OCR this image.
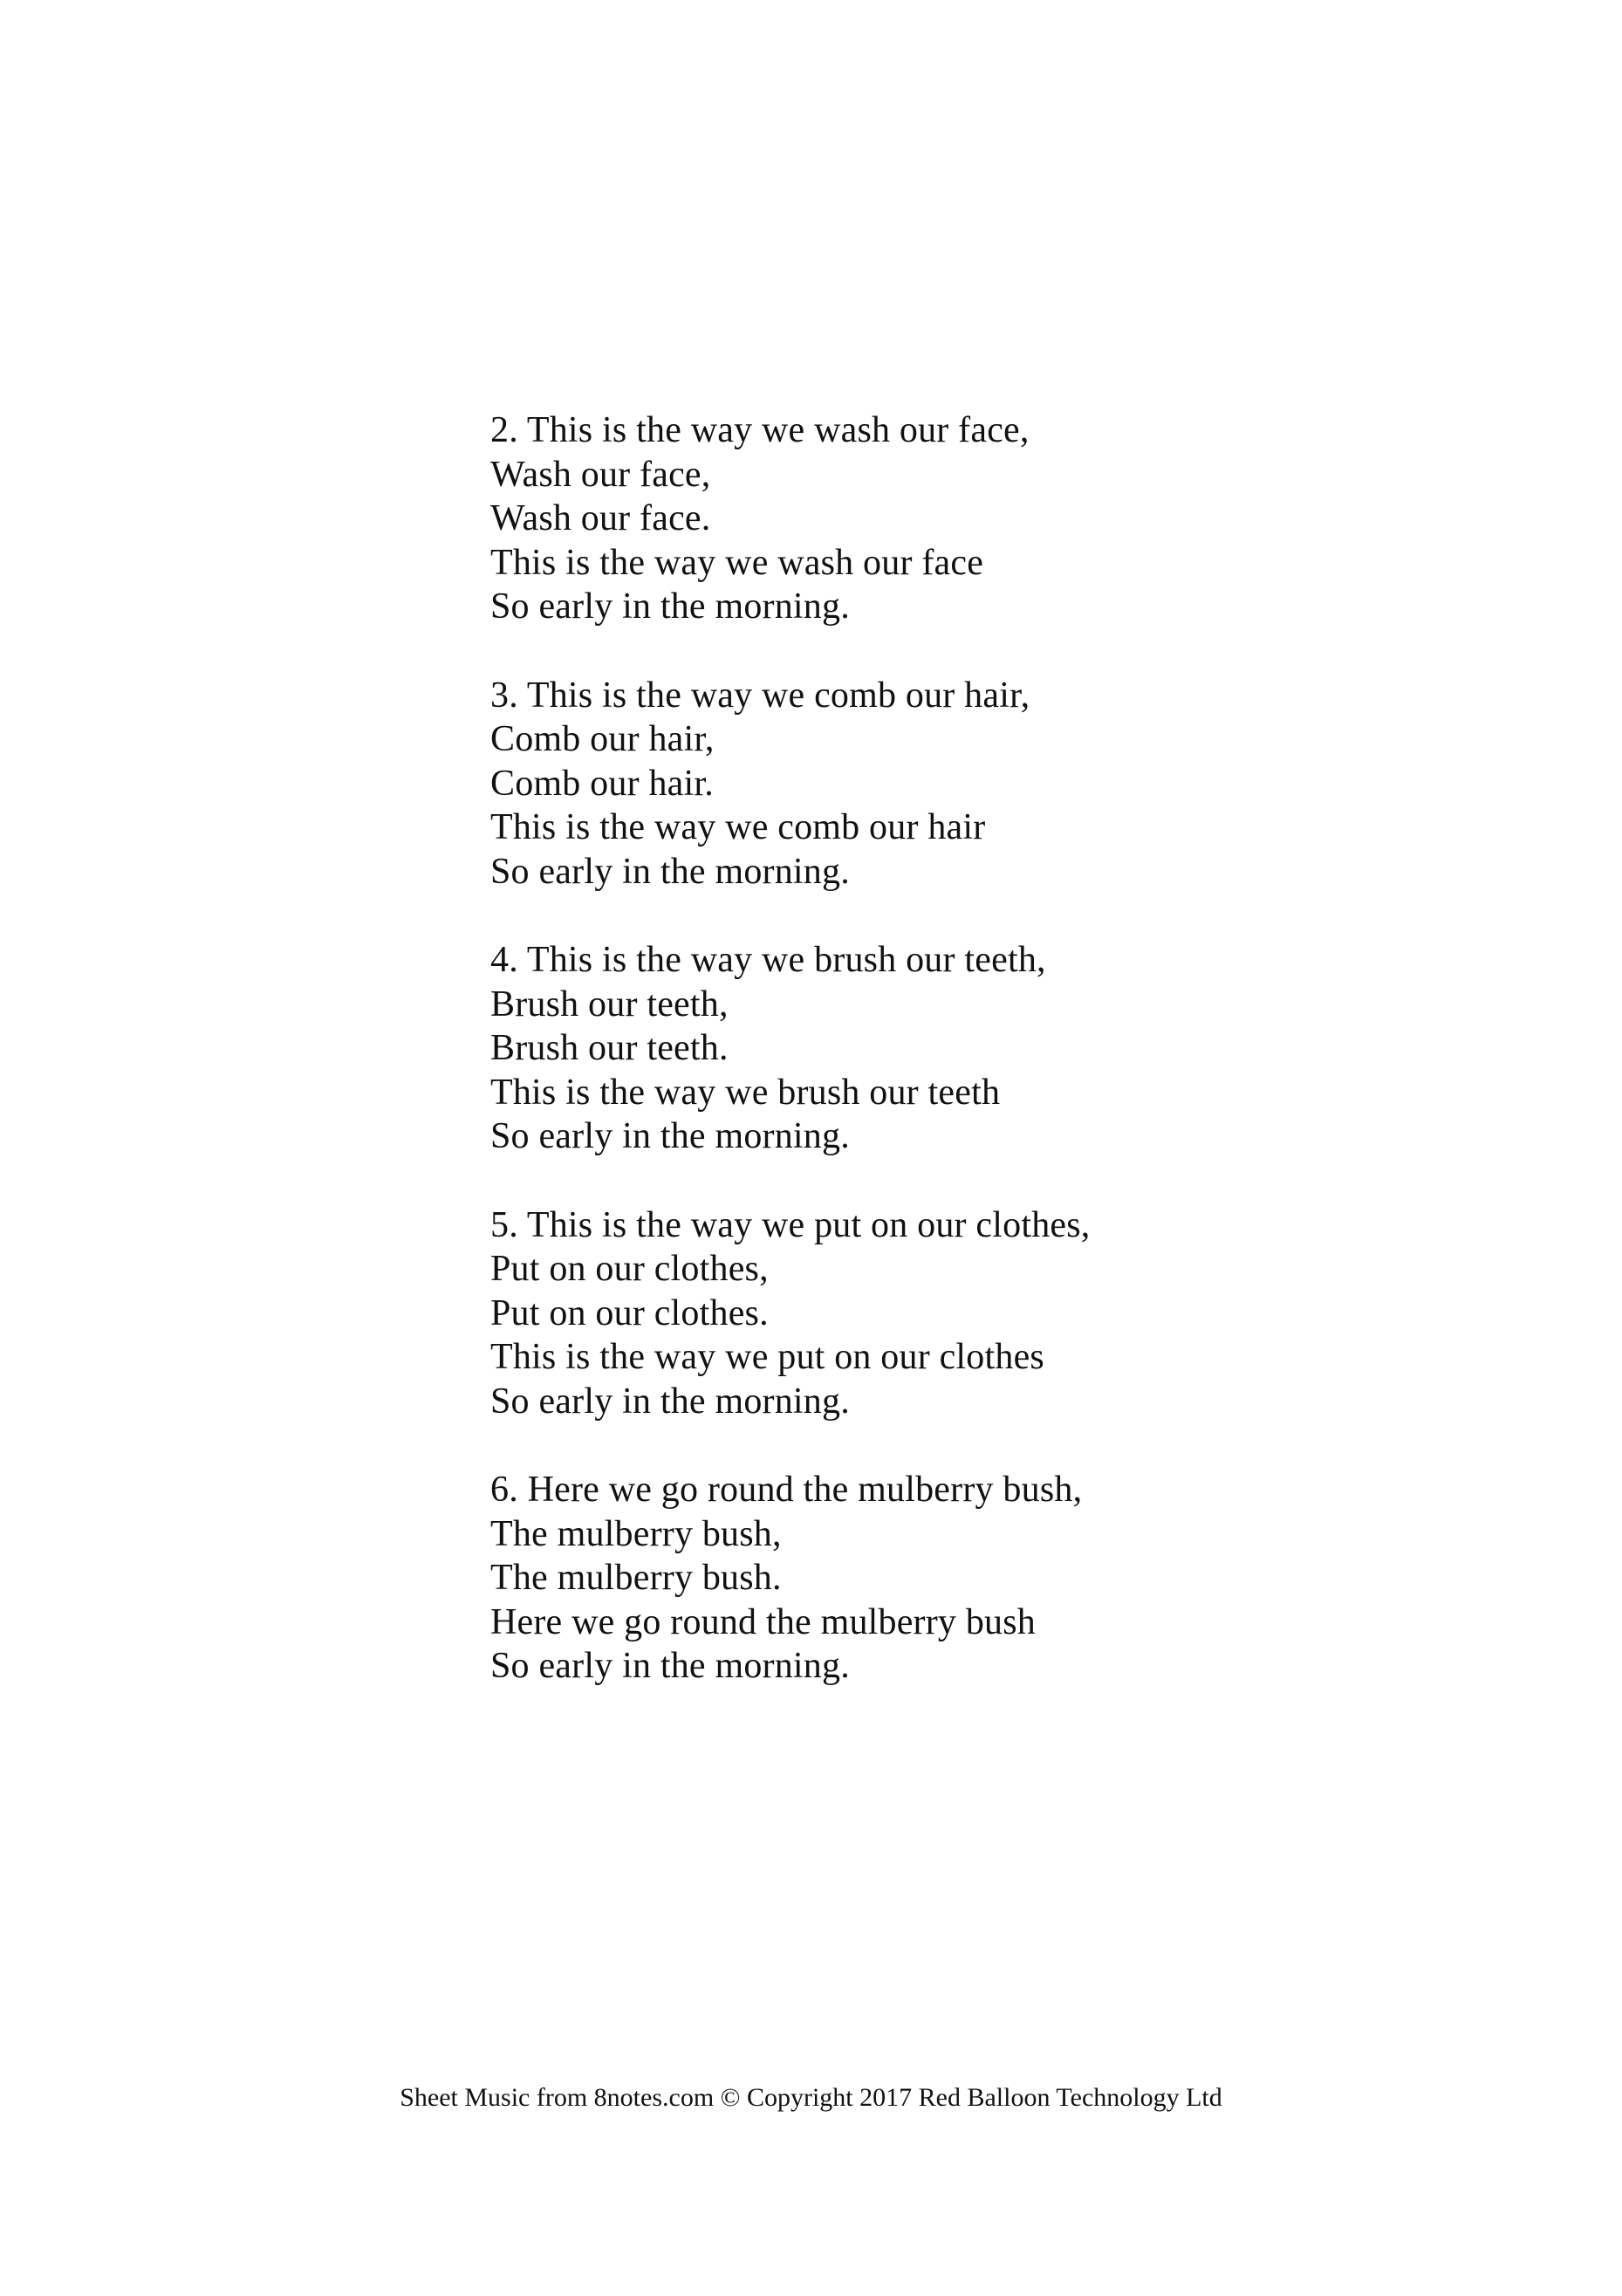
2. This is the way we wash our face,
Wash our face,
Wash our face.
This is the way we wash our face
So early in the morning.
3. This is the way we comb our hair,
Comb our hair,
Comb our hair.
This is the way we comb our hair
So early in the morning.
4. This is the way we brush our teeth,
Brush our teeth,
Brush our teeth.
This is the way we brush our teeth
So early in the morning.
5. This is the way we put on our clothes,
Put on our clothes,
Put on our clothes.
This is the way we put on our clothes
So early in the morning.
6. Here we go round the mulberry bush,
The mulberry bush,
The mulberry bush.
Here we go round the mulberry bush
So early in the morning.
Sheet Music from 8notes.com © Copyright 2017 Red Balloon Technology Ltd
